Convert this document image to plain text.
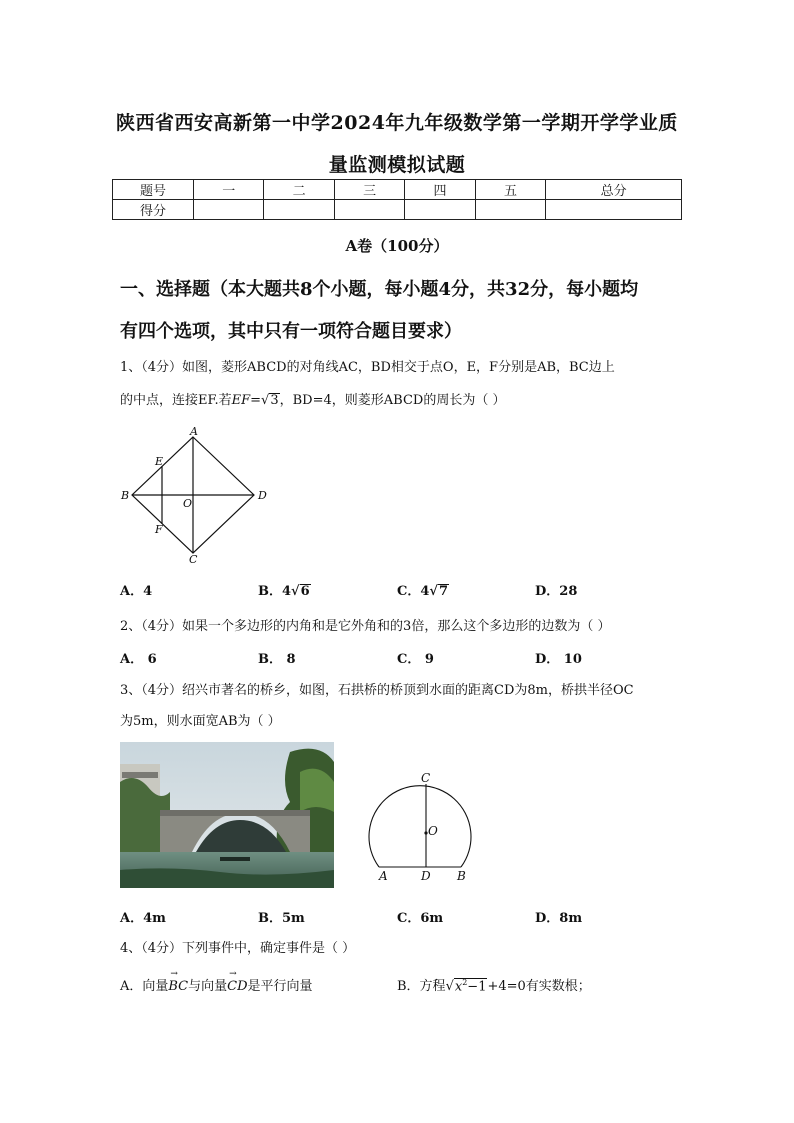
陕西省西安高新第一中学2024年九年级数学第一学期开学学业质
量监测模拟试题
题号	一	二	三	四	五	总分
得分						
A卷（100分）
一、选择题（本大题共8个小题，每小题4分，共32分，每小题均
有四个选项，其中只有一项符合题目要求）
1、（4分）如图，菱形ABCD的对角线AC，BD相交于点O，E，F分别是AB，BC边上
的中点，连接EF.若EF=√3，BD=4，则菱形ABCD的周长为（ ）
A
B
C
D
E
F
O
A．4	B．4√6	C．4√7	D．28
2、（4分）如果一个多边形的内角和是它外角和的3倍，那么这个多边形的边数为（ ）
A． 6	B． 8	C． 9	D． 10
3、（4分）绍兴市著名的桥乡，如图，石拱桥的桥顶到水面的距离CD为8m，桥拱半径OC
为5m，则水面宽AB为（ ）
C
O
A	D B
A．4m	B．5m	C．6m	D．8m
4、（4分）下列事件中，确定事件是（ ）
A．向量→ BC与向量→ CD是平行向量	B．方程$√x^2-1+4=0$有实数根；
